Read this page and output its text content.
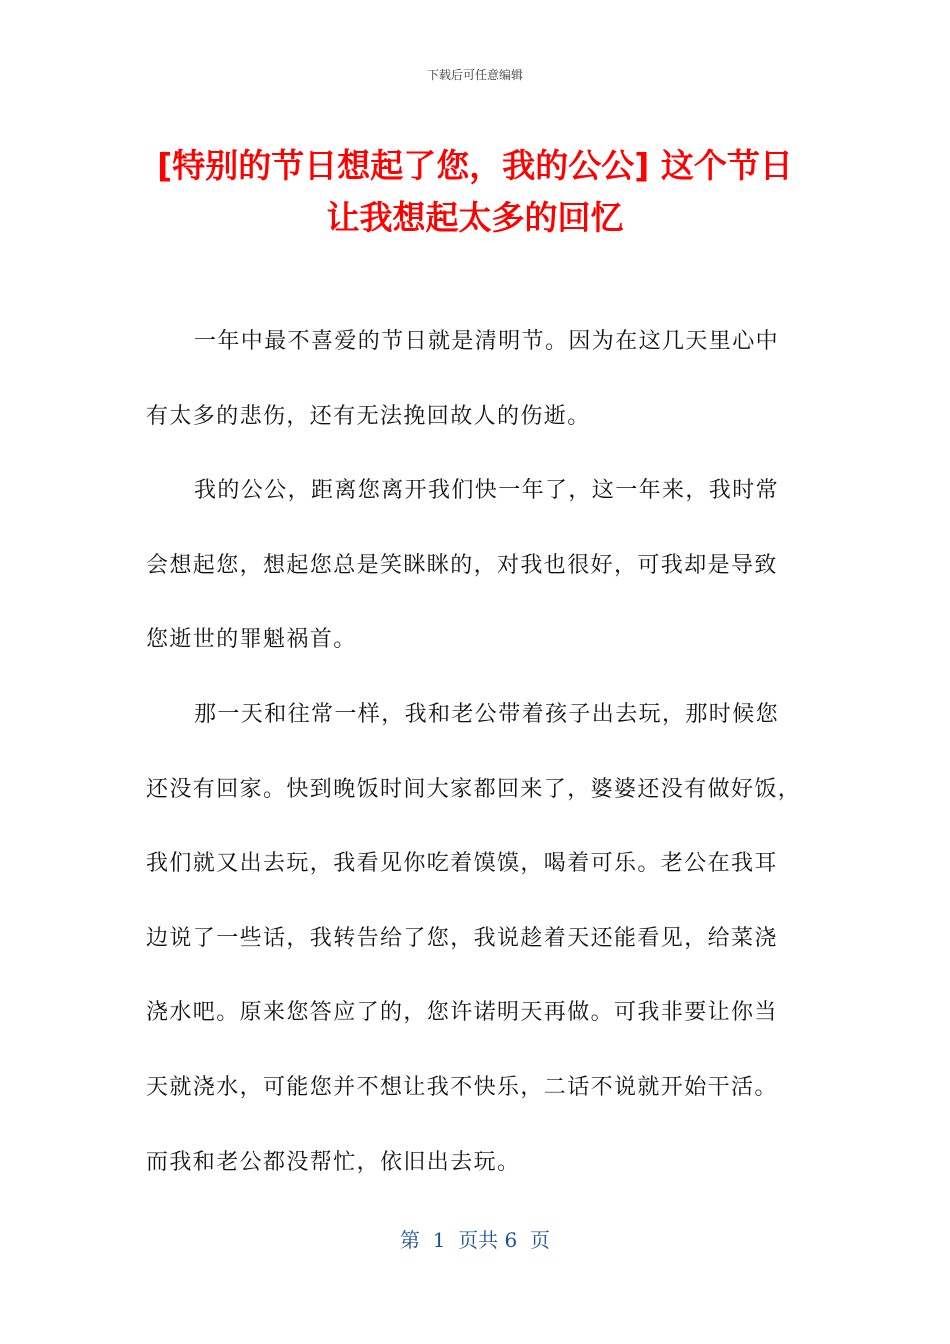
下载后可任意编辑
[特别的节日想起了您，我的公公] 这个节日
让我想起太多的回忆
一年中最不喜爱的节日就是清明节。因为在这几天里心中
有太多的悲伤，还有无法挽回故人的伤逝。
我的公公，距离您离开我们快一年了，这一年来，我时常
会想起您，想起您总是笑眯眯的，对我也很好，可我却是导致
您逝世的罪魁祸首。
那一天和往常一样，我和老公带着孩子出去玩，那时候您
还没有回家。快到晚饭时间大家都回来了，婆婆还没有做好饭，
我们就又出去玩，我看见你吃着馍馍，喝着可乐。老公在我耳
边说了一些话，我转告给了您，我说趁着天还能看见，给菜浇
浇水吧。原来您答应了的，您许诺明天再做。可我非要让你当
天就浇水，可能您并不想让我不快乐，二话不说就开始干活。
而我和老公都没帮忙，依旧出去玩。
第  1  页共 6  页
